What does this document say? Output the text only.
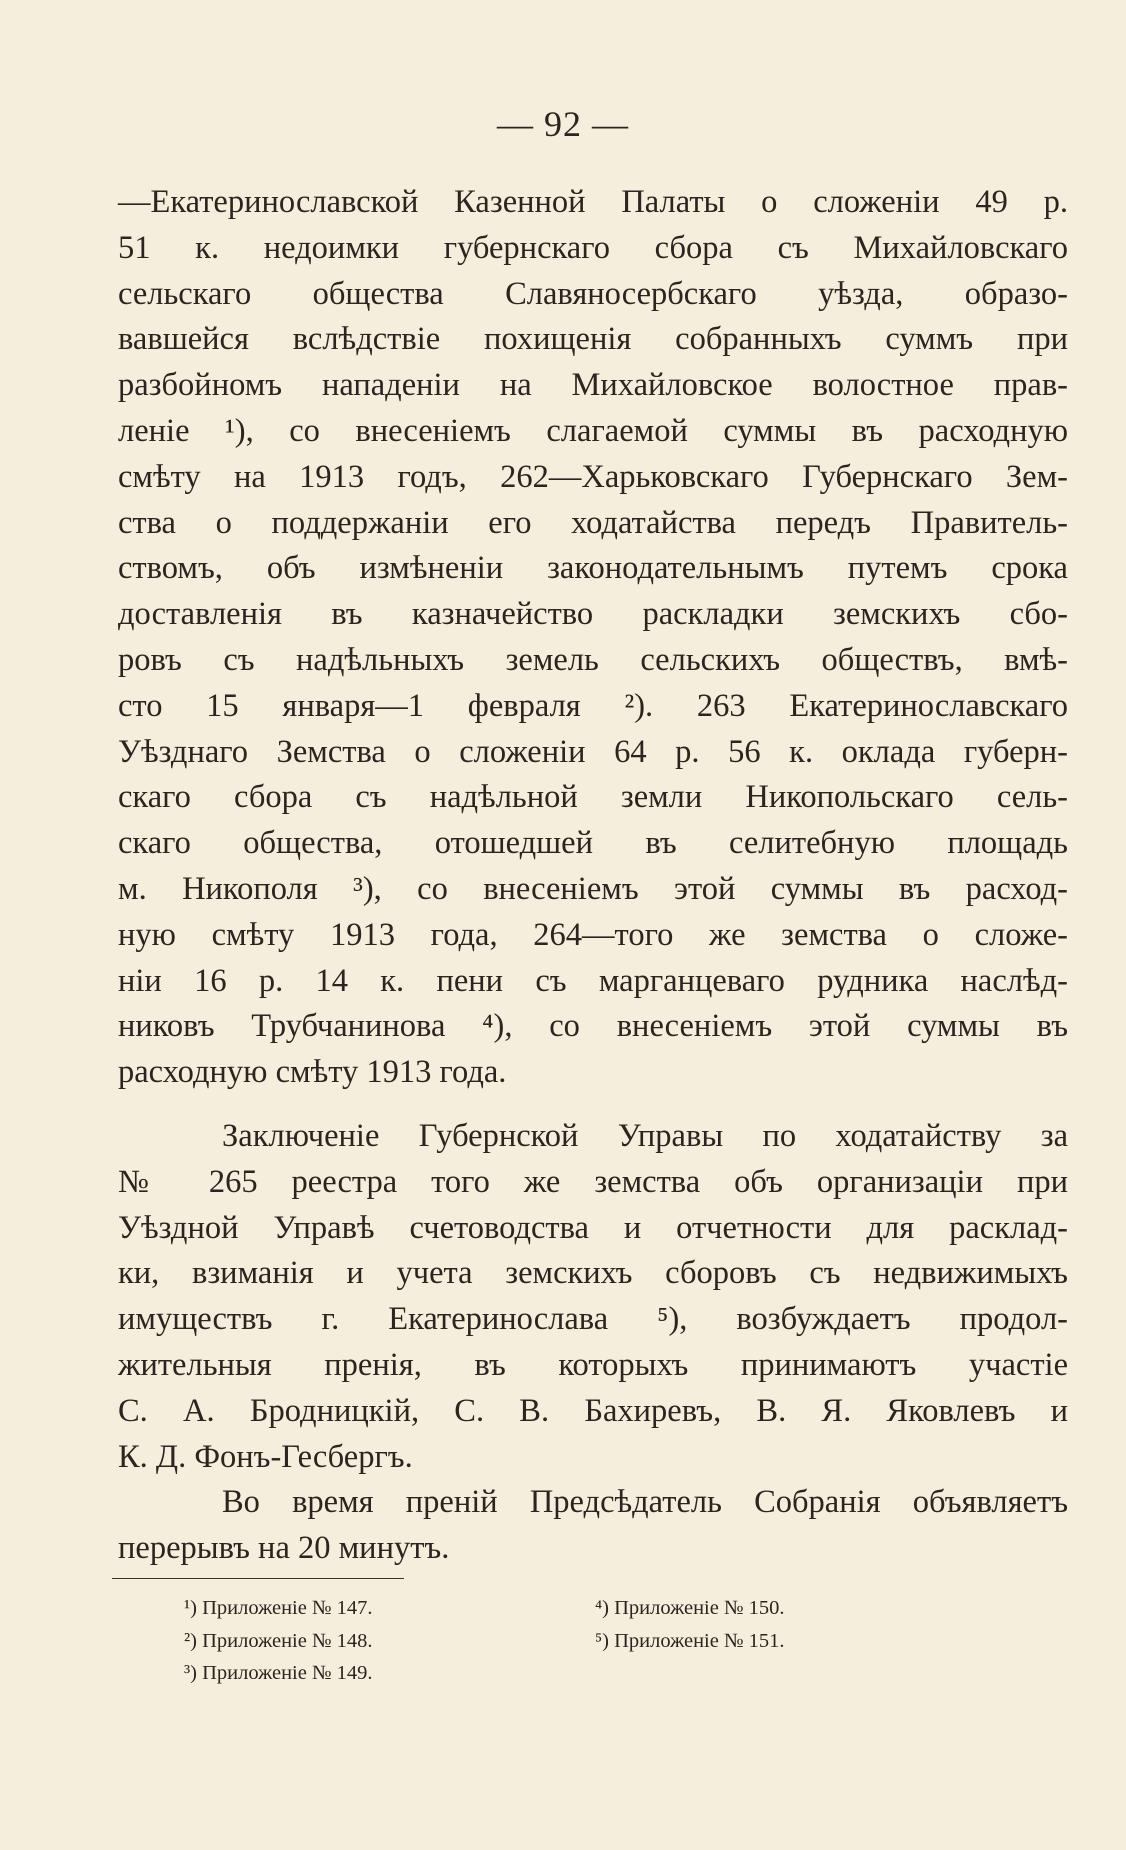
— 92 —
—Екатеринославской Казенной Палаты о сложеніи 49 р.
51 к. недоимки губернскаго сбора съ Михайловскаго
сельскаго общества Славяносербскаго уѣзда, образо-
вавшейся вслѣдствіе похищенія собранныхъ суммъ при
разбойномъ нападеніи на Михайловское волостное прав-
леніе ¹), со внесеніемъ слагаемой суммы въ расходную
смѣту на 1913 годъ, 262—Харьковскаго Губернскаго Зем-
ства о поддержаніи его ходатайства передъ Правитель-
ствомъ, объ измѣненіи законодательнымъ путемъ срока
доставленія въ казначейство раскладки земскихъ сбо-
ровъ съ надѣльныхъ земель сельскихъ обществъ, вмѣ-
сто 15 января—1 февраля ²). 263 Екатеринославскаго
Уѣзднаго Земства о сложеніи 64 р. 56 к. оклада губерн-
скаго сбора съ надѣльной земли Никопольскаго сель-
скаго общества, отошедшей въ селитебную площадь
м. Никополя ³), со внесеніемъ этой суммы въ расход-
ную смѣту 1913 года, 264—того же земства о сложе-
ніи 16 р. 14 к. пени съ марганцеваго рудника наслѣд-
никовъ Трубчанинова ⁴), со внесеніемъ этой суммы въ
расходную смѣту 1913 года.
Заключеніе Губернской Управы по ходатайству за
№ 265 реестра того же земства объ организаціи при
Уѣздной Управѣ счетоводства и отчетности для расклад-
ки, взиманія и учета земскихъ сборовъ съ недвижимыхъ
имуществъ г. Екатеринослава ⁵), возбуждаетъ продол-
жительныя пренія, въ которыхъ принимаютъ участіе
С. А. Бродницкій, С. В. Бахиревъ, В. Я. Яковлевъ и
К. Д. Фонъ-Гесбергъ.
Во время преній Предсѣдатель Собранія объявляетъ
перерывъ на 20 минутъ.
¹) Приложеніе № 147.
²) Приложеніе № 148.
³) Приложеніе № 149.
⁴) Приложеніе № 150.
⁵) Приложеніе № 151.
